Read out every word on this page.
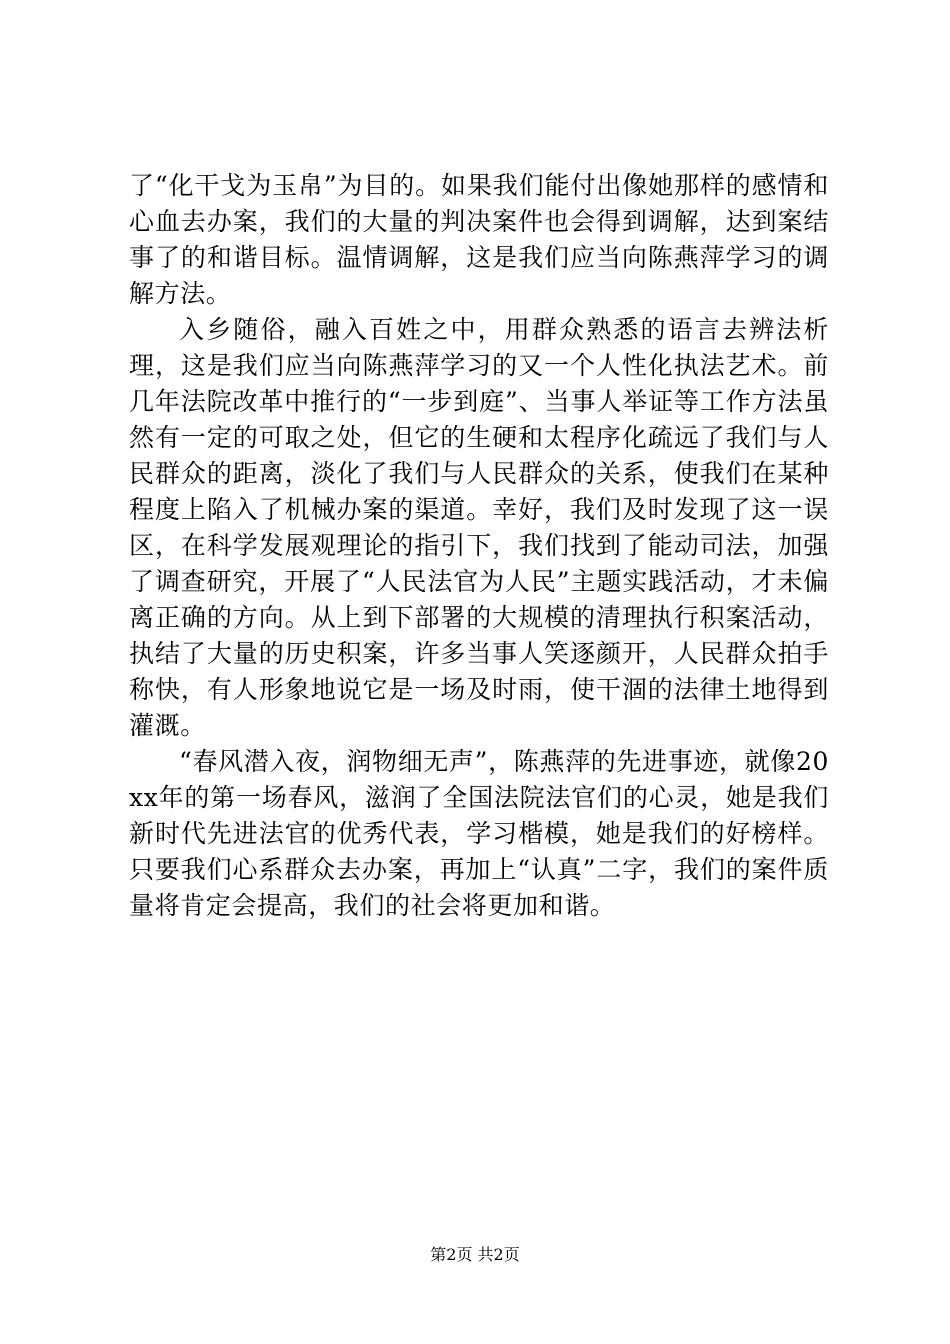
了“化干戈为玉帛”为目的。如果我们能付出像她那样的感情和心血去办案，我们的大量的判决案件也会得到调解，达到案结事了的和谐目标。温情调解，这是我们应当向陈燕萍学习的调解方法。

入乡随俗，融入百姓之中，用群众熟悉的语言去辨法析理，这是我们应当向陈燕萍学习的又一个人性化执法艺术。前几年法院改革中推行的“一步到庭”、当事人举证等工作方法虽然有一定的可取之处，但它的生硬和太程序化疏远了我们与人民群众的距离，淡化了我们与人民群众的关系，使我们在某种程度上陷入了机械办案的渠道。幸好，我们及时发现了这一误区，在科学发展观理论的指引下，我们找到了能动司法，加强了调查研究，开展了“人民法官为人民”主题实践活动，才未偏离正确的方向。从上到下部署的大规模的清理执行积案活动，执结了大量的历史积案，许多当事人笑逐颜开，人民群众拍手称快，有人形象地说它是一场及时雨，使干涸的法律土地得到灌溉。

“春风潜入夜，润物细无声”，陈燕萍的先进事迹，就像20xx年的第一场春风，滋润了全国法院法官们的心灵，她是我们新时代先进法官的优秀代表，学习楷模，她是我们的好榜样。只要我们心系群众去办案，再加上“认真”二字，我们的案件质量将肯定会提高，我们的社会将更加和谐。

第2页 共2页
